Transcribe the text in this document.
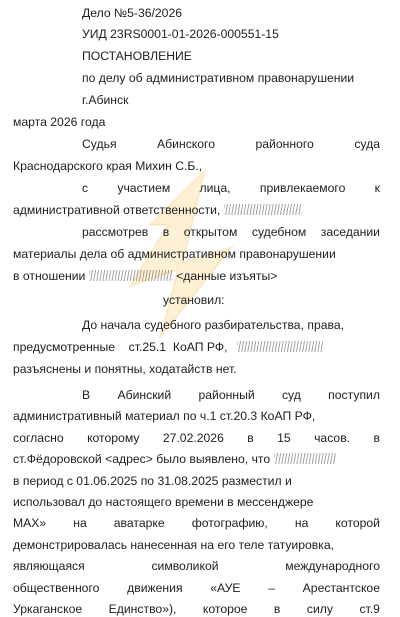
Дело №5-36/2026
УИД 23RS0001-01-2026-000551-15
ПОСТАНОВЛЕНИЕ
по делу об административном правонарушении
г.Абинск
марта 2026 года
Судья	Абинского	районного	суда
Краснодарского края Михин С.Б.,
с участием лица, привлекаемого к
административной ответственности,
рассмотрев в открытом судебном заседании
материалы дела об административном правонарушении
в отношении	<данные изъяты>
установил:
До начала судебного разбирательства, права,
предусмотренные ст.25.1 КоАП РФ,
разъяснены и понятны, ходатайств нет.
В Абинский районный суд поступил
административный материал по ч.1 ст.20.3 КоАП РФ,
согласно которому 27.02.2026 в 15 часов. в
ст.Фёдоровской <адрес> было выявлено, что
в период с 01.06.2025 по 31.08.2025 разместил и
использовал до настоящего времени в мессенджере
MAX» на аватарке фотографию, на которой
демонстрировалась нанесенная на его теле татуировка,
являющаяся	символикой	международного
общественного движения «АУЕ – Арестантское
Уркаганское Единство»), которое в силу ст.9
